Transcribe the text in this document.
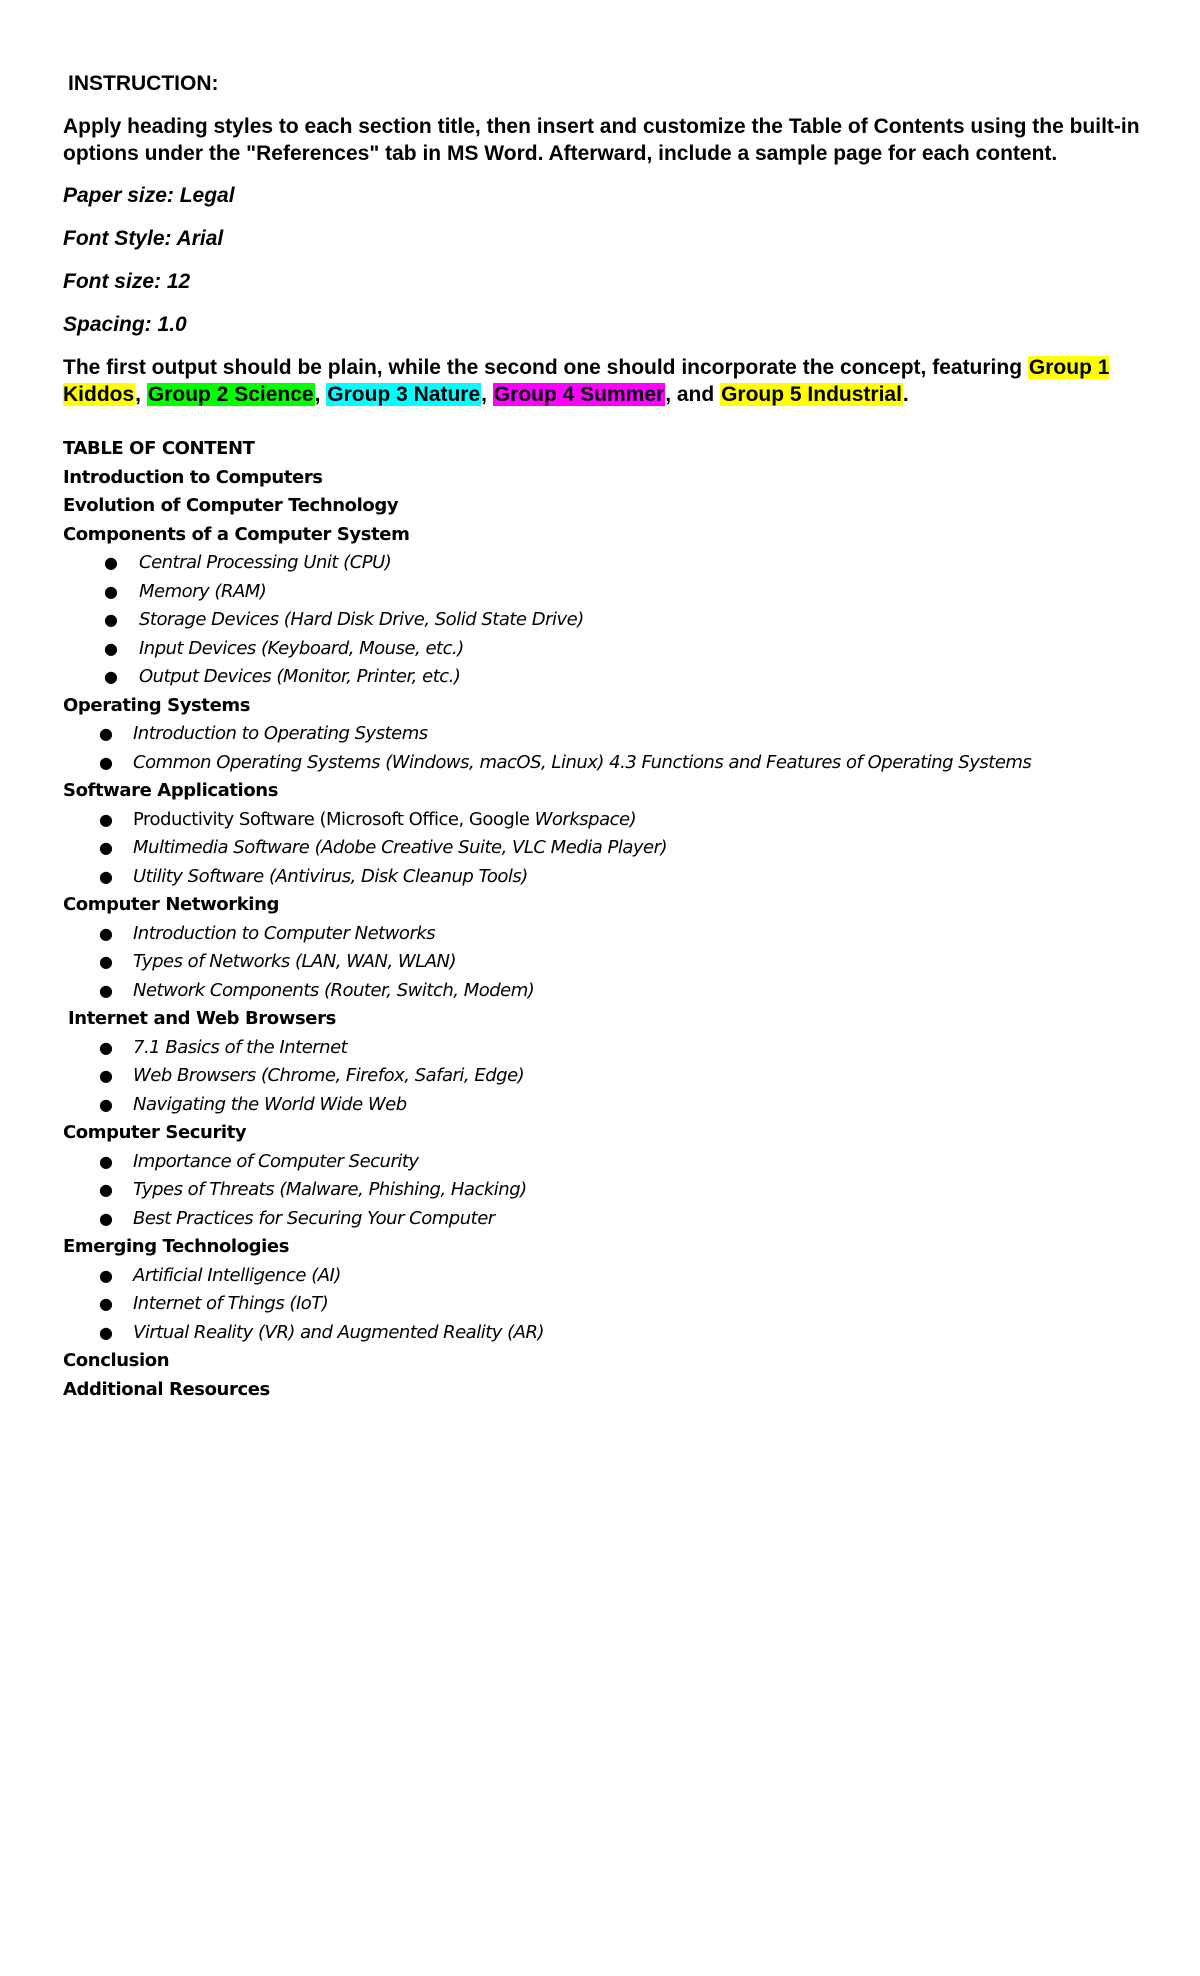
INSTRUCTION:

Apply heading styles to each section title, then insert and customize the Table of Contents using the built-in options under the "References" tab in MS Word. Afterward, include a sample page for each content.

Paper size: Legal

Font Style: Arial

Font size: 12

Spacing: 1.0

The first output should be plain, while the second one should incorporate the concept, featuring Group 1 Kiddos, Group 2 Science, Group 3 Nature, Group 4 Summer, and Group 5 Industrial.

TABLE OF CONTENT
Introduction to Computers
Evolution of Computer Technology
Components of a Computer System
● Central Processing Unit (CPU)
● Memory (RAM)
● Storage Devices (Hard Disk Drive, Solid State Drive)
● Input Devices (Keyboard, Mouse, etc.)
● Output Devices (Monitor, Printer, etc.)
Operating Systems
● Introduction to Operating Systems
● Common Operating Systems (Windows, macOS, Linux) 4.3 Functions and Features of Operating Systems
Software Applications
● Productivity Software (Microsoft Office, Google Workspace)
● Multimedia Software (Adobe Creative Suite, VLC Media Player)
● Utility Software (Antivirus, Disk Cleanup Tools)
Computer Networking
● Introduction to Computer Networks
● Types of Networks (LAN, WAN, WLAN)
● Network Components (Router, Switch, Modem)
Internet and Web Browsers
● 7.1 Basics of the Internet
● Web Browsers (Chrome, Firefox, Safari, Edge)
● Navigating the World Wide Web
Computer Security
● Importance of Computer Security
● Types of Threats (Malware, Phishing, Hacking)
● Best Practices for Securing Your Computer
Emerging Technologies
● Artificial Intelligence (AI)
● Internet of Things (IoT)
● Virtual Reality (VR) and Augmented Reality (AR)
Conclusion
Additional Resources
